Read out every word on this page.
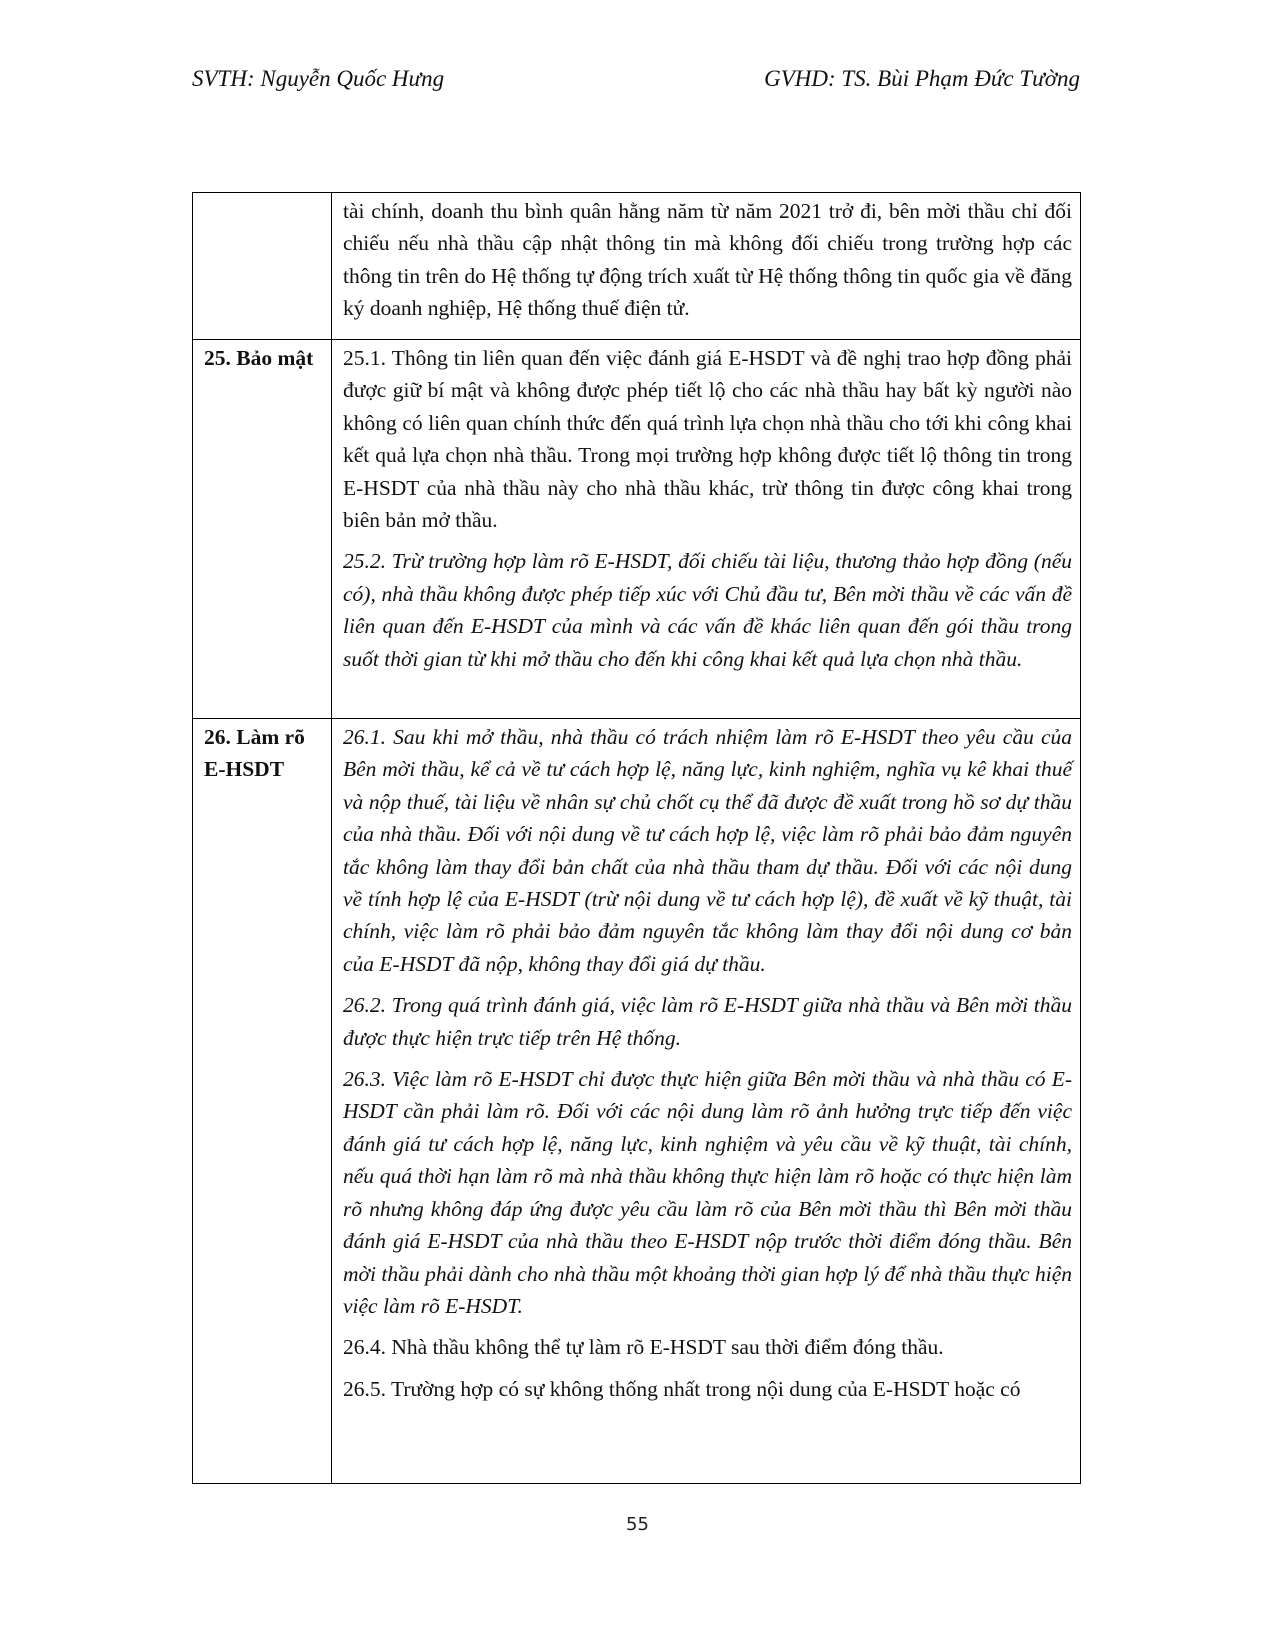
SVTH: Nguyễn Quốc Hưng	GVHD: TS. Bùi Phạm Đức Tường

	tài chính, doanh thu bình quân hằng năm từ năm 2021 trở đi, bên mời thầu chỉ đối chiếu nếu nhà thầu cập nhật thông tin mà không đối chiếu trong trường hợp các thông tin trên do Hệ thống tự động trích xuất từ Hệ thống thông tin quốc gia về đăng ký doanh nghiệp, Hệ thống thuế điện tử.

25. Bảo mật	25.1. Thông tin liên quan đến việc đánh giá E-HSDT và đề nghị trao hợp đồng phải được giữ bí mật và không được phép tiết lộ cho các nhà thầu hay bất kỳ người nào không có liên quan chính thức đến quá trình lựa chọn nhà thầu cho tới khi công khai kết quả lựa chọn nhà thầu. Trong mọi trường hợp không được tiết lộ thông tin trong E-HSDT của nhà thầu này cho nhà thầu khác, trừ thông tin được công khai trong biên bản mở thầu.

25.2. Trừ trường hợp làm rõ E-HSDT, đối chiếu tài liệu, thương thảo hợp đồng (nếu có), nhà thầu không được phép tiếp xúc với Chủ đầu tư, Bên mời thầu về các vấn đề liên quan đến E-HSDT của mình và các vấn đề khác liên quan đến gói thầu trong suốt thời gian từ khi mở thầu cho đến khi công khai kết quả lựa chọn nhà thầu.

26. Làm rõ E-HSDT	26.1. Sau khi mở thầu, nhà thầu có trách nhiệm làm rõ E-HSDT theo yêu cầu của Bên mời thầu, kể cả về tư cách hợp lệ, năng lực, kinh nghiệm, nghĩa vụ kê khai thuế và nộp thuế, tài liệu về nhân sự chủ chốt cụ thể đã được đề xuất trong hồ sơ dự thầu của nhà thầu. Đối với nội dung về tư cách hợp lệ, việc làm rõ phải bảo đảm nguyên tắc không làm thay đổi bản chất của nhà thầu tham dự thầu. Đối với các nội dung về tính hợp lệ của E-HSDT (trừ nội dung về tư cách hợp lệ), đề xuất về kỹ thuật, tài chính, việc làm rõ phải bảo đảm nguyên tắc không làm thay đổi nội dung cơ bản của E-HSDT đã nộp, không thay đổi giá dự thầu.

26.2. Trong quá trình đánh giá, việc làm rõ E-HSDT giữa nhà thầu và Bên mời thầu được thực hiện trực tiếp trên Hệ thống.

26.3. Việc làm rõ E-HSDT chỉ được thực hiện giữa Bên mời thầu và nhà thầu có E-HSDT cần phải làm rõ. Đối với các nội dung làm rõ ảnh hưởng trực tiếp đến việc đánh giá tư cách hợp lệ, năng lực, kinh nghiệm và yêu cầu về kỹ thuật, tài chính, nếu quá thời hạn làm rõ mà nhà thầu không thực hiện làm rõ hoặc có thực hiện làm rõ nhưng không đáp ứng được yêu cầu làm rõ của Bên mời thầu thì Bên mời thầu đánh giá E-HSDT của nhà thầu theo E-HSDT nộp trước thời điểm đóng thầu. Bên mời thầu phải dành cho nhà thầu một khoảng thời gian hợp lý để nhà thầu thực hiện việc làm rõ E-HSDT.

26.4. Nhà thầu không thể tự làm rõ E-HSDT sau thời điểm đóng thầu.

26.5. Trường hợp có sự không thống nhất trong nội dung của E-HSDT hoặc có

55
